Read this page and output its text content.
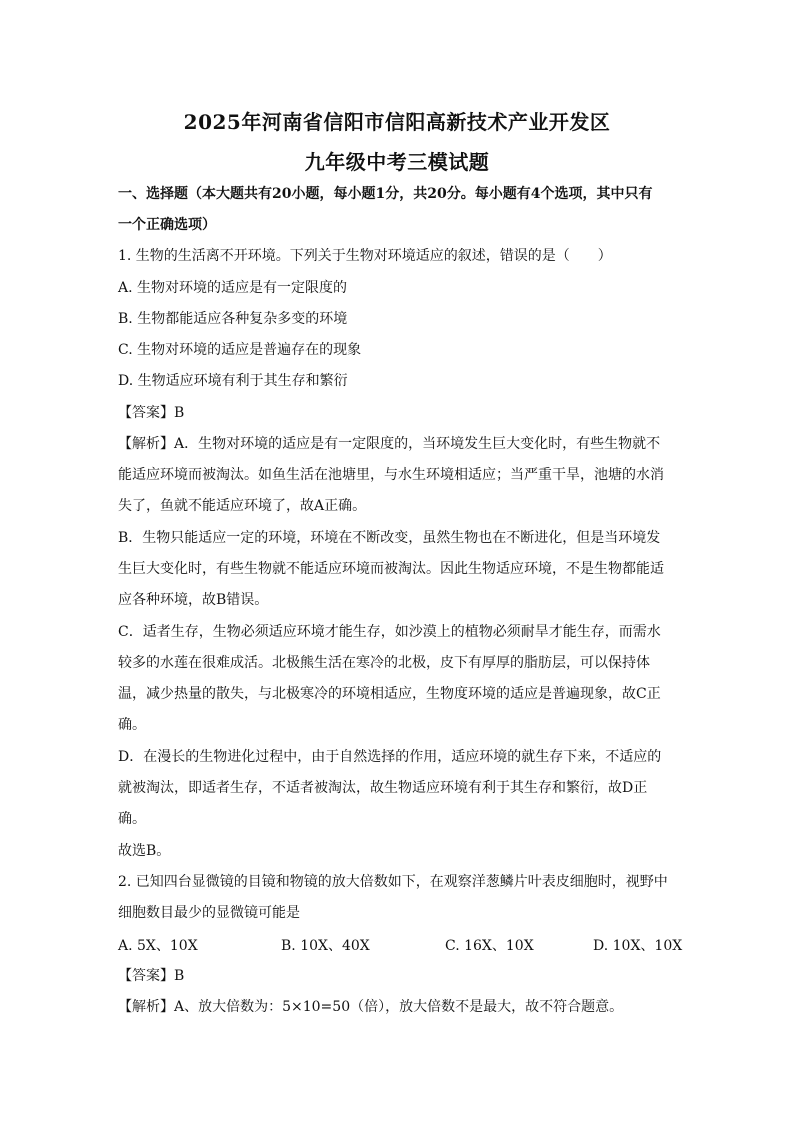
2025年河南省信阳市信阳高新技术产业开发区
九年级中考三模试题
一、选择题（本大题共有20小题，每小题1分，共20分。每小题有4个选项，其中只有
一个正确选项）
1. 生物的生活离不开环境。下列关于生物对环境适应的叙述，错误的是（　　）
A. 生物对环境的适应是有一定限度的
B. 生物都能适应各种复杂多变的环境
C. 生物对环境的适应是普遍存在的现象
D. 生物适应环境有利于其生存和繁衍
【答案】B
【解析】A．生物对环境的适应是有一定限度的，当环境发生巨大变化时，有些生物就不
能适应环境而被淘汰。如鱼生活在池塘里，与水生环境相适应；当严重干旱，池塘的水消
失了，鱼就不能适应环境了，故A正确。
B．生物只能适应一定的环境，环境在不断改变，虽然生物也在不断进化，但是当环境发
生巨大变化时，有些生物就不能适应环境而被淘汰。因此生物适应环境，不是生物都能适
应各种环境，故B错误。
C．适者生存，生物必须适应环境才能生存，如沙漠上的植物必须耐旱才能生存，而需水
较多的水莲在很难成活。北极熊生活在寒冷的北极，皮下有厚厚的脂肪层，可以保持体
温，减少热量的散失，与北极寒冷的环境相适应，生物度环境的适应是普遍现象，故C正
确。
D．在漫长的生物进化过程中，由于自然选择的作用，适应环境的就生存下来，不适应的
就被淘汰，即适者生存，不适者被淘汰，故生物适应环境有利于其生存和繁衍，故D正
确。
故选B。
2. 已知四台显微镜的目镜和物镜的放大倍数如下，在观察洋葱鳞片叶表皮细胞时，视野中
细胞数目最少的显微镜可能是
A. 5X、10X	B. 10X、40X	C. 16X、10X	D. 10X、10X
【答案】B
【解析】A、放大倍数为：5×10=50（倍），放大倍数不是最大，故不符合题意。
